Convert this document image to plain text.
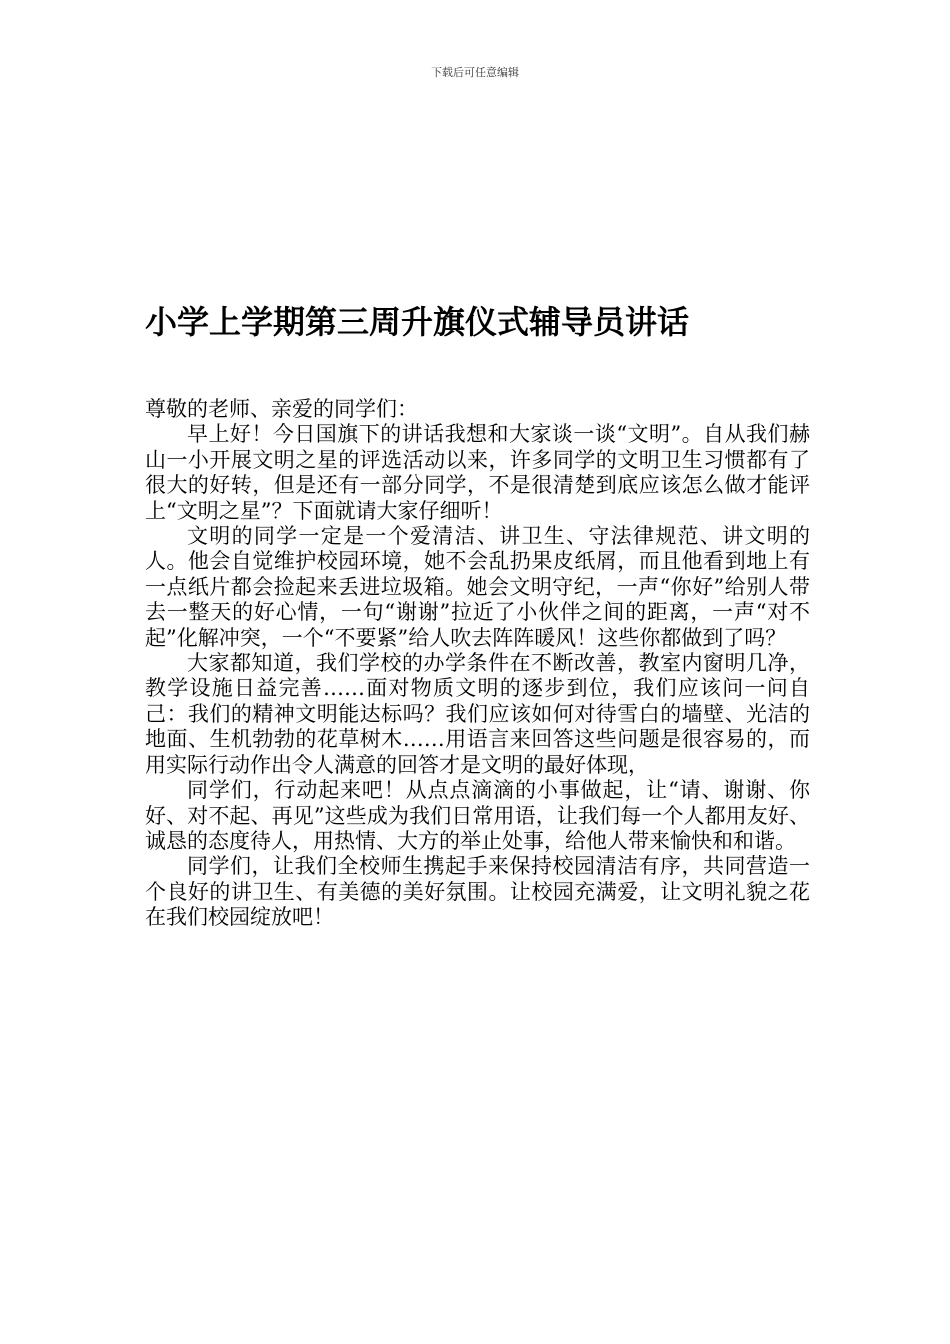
下载后可任意编辑
小学上学期第三周升旗仪式辅导员讲话

尊敬的老师、亲爱的同学们：

早上好！今日国旗下的讲话我想和大家谈一谈“文明”。自从我们赫山一小开展文明之星的评选活动以来，许多同学的文明卫生习惯都有了很大的好转，但是还有一部分同学，不是很清楚到底应该怎么做才能评上“文明之星”？下面就请大家仔细听！

文明的同学一定是一个爱清洁、讲卫生、守法律规范、讲文明的人。他会自觉维护校园环境，她不会乱扔果皮纸屑，而且他看到地上有一点纸片都会捡起来丢进垃圾箱。她会文明守纪，一声“你好”给别人带去一整天的好心情，一句“谢谢”拉近了小伙伴之间的距离，一声“对不起”化解冲突，一个“不要紧”给人吹去阵阵暖风！这些你都做到了吗？

大家都知道，我们学校的办学条件在不断改善，教室内窗明几净，教学设施日益完善……面对物质文明的逐步到位，我们应该问一问自己：我们的精神文明能达标吗？我们应该如何对待雪白的墙壁、光洁的地面、生机勃勃的花草树木……用语言来回答这些问题是很容易的，而用实际行动作出令人满意的回答才是文明的最好体现，

同学们，行动起来吧！从点点滴滴的小事做起，让“请、谢谢、你好、对不起、再见”这些成为我们日常用语，让我们每一个人都用友好、诚恳的态度待人，用热情、大方的举止处事，给他人带来愉快和和谐。

同学们，让我们全校师生携起手来保持校园清洁有序，共同营造一个良好的讲卫生、有美德的美好氛围。让校园充满爱，让文明礼貌之花在我们校园绽放吧！
